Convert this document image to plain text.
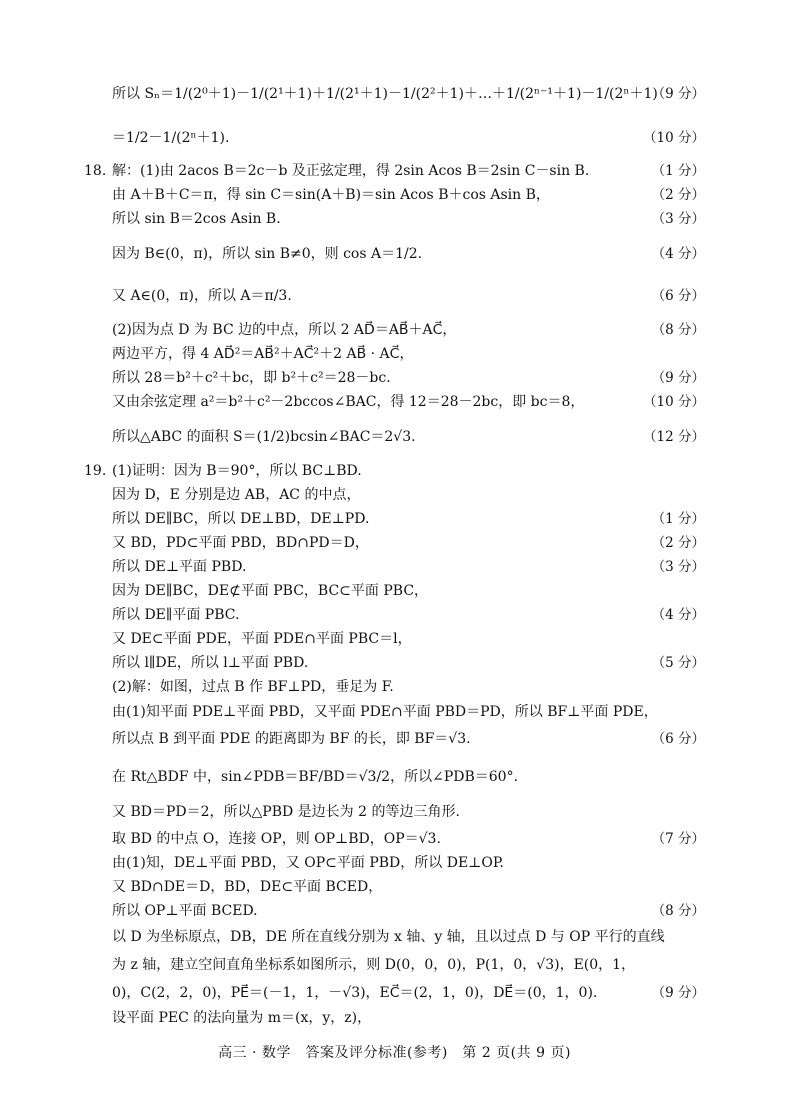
所以 Sₙ＝1/(2⁰＋1)－1/(2¹＋1)＋1/(2¹＋1)－1/(2²＋1)＋…＋1/(2ⁿ⁻¹＋1)－1/(2ⁿ＋1)
（9 分）
＝1/2－1/(2ⁿ＋1).	（10 分）
18. 解：(1)由 2acos B＝2c－b 及正弦定理，得 2sin Acos B＝2sin C－sin B.	（1 分）
由 A＋B＋C＝π，得 sin C＝sin(A＋B)＝sin Acos B＋cos Asin B，	（2 分）
所以 sin B＝2cos Asin B.	（3 分）
因为 B∈(0，π)，所以 sin B≠0，则 cos A＝1/2.	（4 分）
又 A∈(0，π)，所以 A＝π/3.	（6 分）
(2)因为点 D 为 BC 边的中点，所以 2 AD⃗＝AB⃗＋AC⃗，	（8 分）
两边平方，得 4 AD⃗²＝AB⃗²＋AC⃗²＋2 AB⃗ · AC⃗，
所以 28＝b²＋c²＋bc，即 b²＋c²＝28－bc.	（9 分）
又由余弦定理 a²＝b²＋c²－2bccos∠BAC，得 12＝28－2bc，即 bc＝8，	（10 分）
所以△ABC 的面积 S＝(1/2)bcsin∠BAC＝2√3.	（12 分）
19. (1)证明：因为 B＝90°，所以 BC⊥BD.
因为 D，E 分别是边 AB，AC 的中点，
所以 DE∥BC，所以 DE⊥BD，DE⊥PD.	（1 分）
又 BD，PD⊂平面 PBD，BD∩PD＝D，	（2 分）
所以 DE⊥平面 PBD.	（3 分）
因为 DE∥BC，DE⊄平面 PBC，BC⊂平面 PBC，
所以 DE∥平面 PBC.	（4 分）
又 DE⊂平面 PDE，平面 PDE∩平面 PBC＝l，
所以 l∥DE，所以 l⊥平面 PBD.	（5 分）
(2)解：如图，过点 B 作 BF⊥PD，垂足为 F.
由(1)知平面 PDE⊥平面 PBD，又平面 PDE∩平面 PBD＝PD，所以 BF⊥平面 PDE，
所以点 B 到平面 PDE 的距离即为 BF 的长，即 BF＝√3.	（6 分）
在 Rt△BDF 中，sin∠PDB＝BF/BD＝√3/2，所以∠PDB＝60°.
又 BD＝PD＝2，所以△PBD 是边长为 2 的等边三角形.
取 BD 的中点 O，连接 OP，则 OP⊥BD，OP＝√3.	（7 分）
由(1)知，DE⊥平面 PBD，又 OP⊂平面 PBD，所以 DE⊥OP.
又 BD∩DE＝D，BD，DE⊂平面 BCED，
所以 OP⊥平面 BCED.	（8 分）
以 D 为坐标原点，DB，DE 所在直线分别为 x 轴、y 轴，且以过点 D 与 OP 平行的直线
为 z 轴，建立空间直角坐标系如图所示，则 D(0，0，0)，P(1，0，√3)，E(0，1，
0)，C(2，2，0)，PE⃗＝(－1，1，－√3)，EC⃗＝(2，1，0)，DE⃗＝(0，1，0).	（9 分）
设平面 PEC 的法向量为 m＝(x，y，z)，
高三 · 数学　答案及评分标准(参考)　第 2 页(共 9 页)
